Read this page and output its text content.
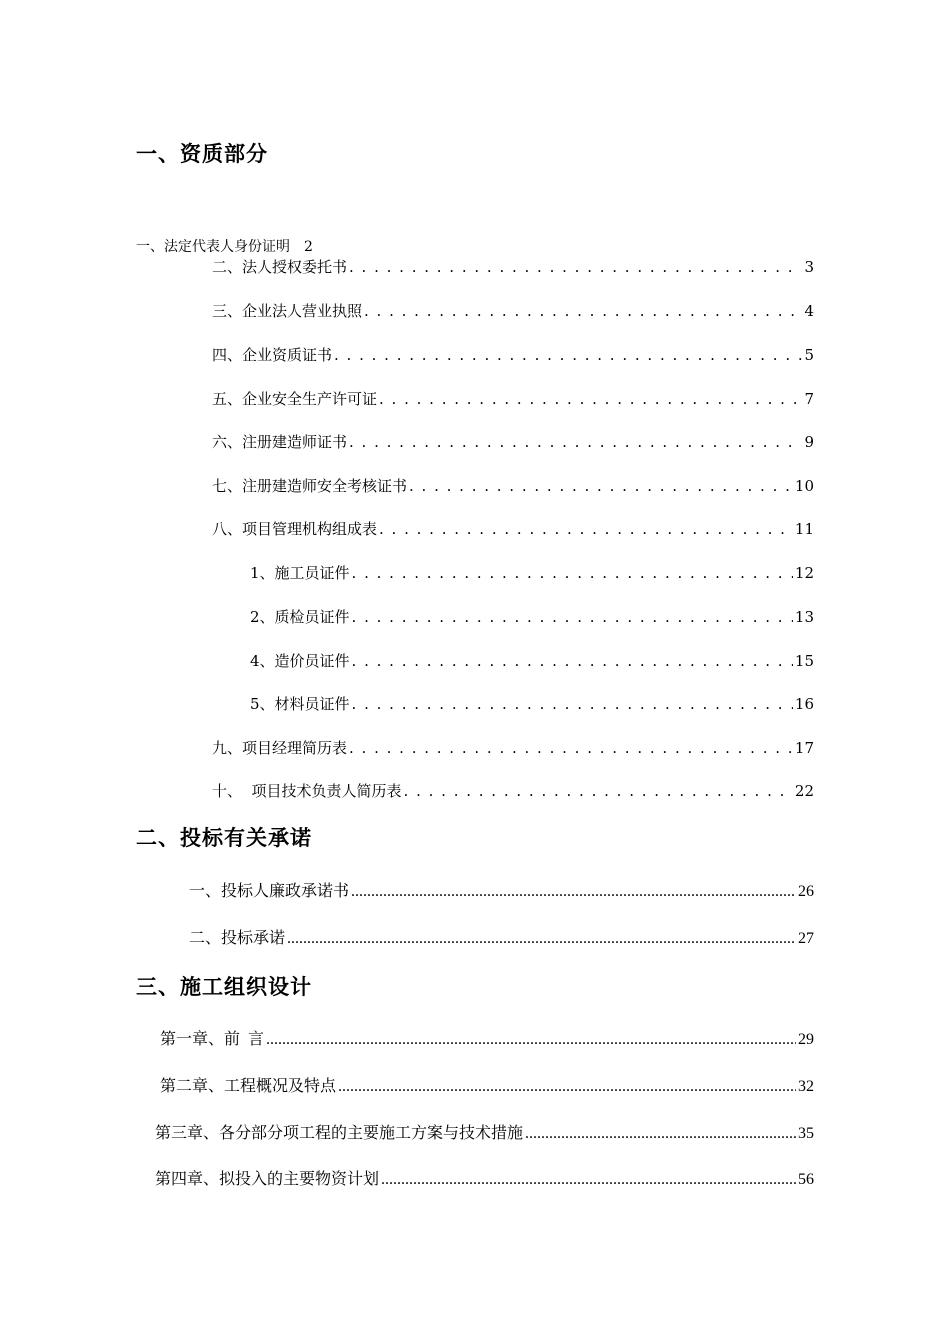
一、资质部分
一、法定代表人身份证明 2
二、法人授权委托书 . . .	3
三、企业法人营业执照 . . .	4
四、企业资质证书 . . .	5
五、企业安全生产许可证 . . .	7
六、注册建造师证书 . . .	9
七、注册建造师安全考核证书 . . .	10
八、项目管理机构组成表 . . .	11
1、施工员证件 . . .	12
2、质检员证件 . . .	13
4、造价员证件 . . .	15
5、材料员证件 . . .	16
九、项目经理简历表 . . .	17
十、  项目技术负责人简历表 . . .	22
二、投标有关承诺
一、投标人廉政承诺书 .....	26
二、投标承诺 .....	27
三、施工组织设计
第一章、前  言 .....	29
第二章、工程概况及特点 .....	32
第三章、各分部分项工程的主要施工方案与技术措施 .....	35
第四章、拟投入的主要物资计划 .....	56
